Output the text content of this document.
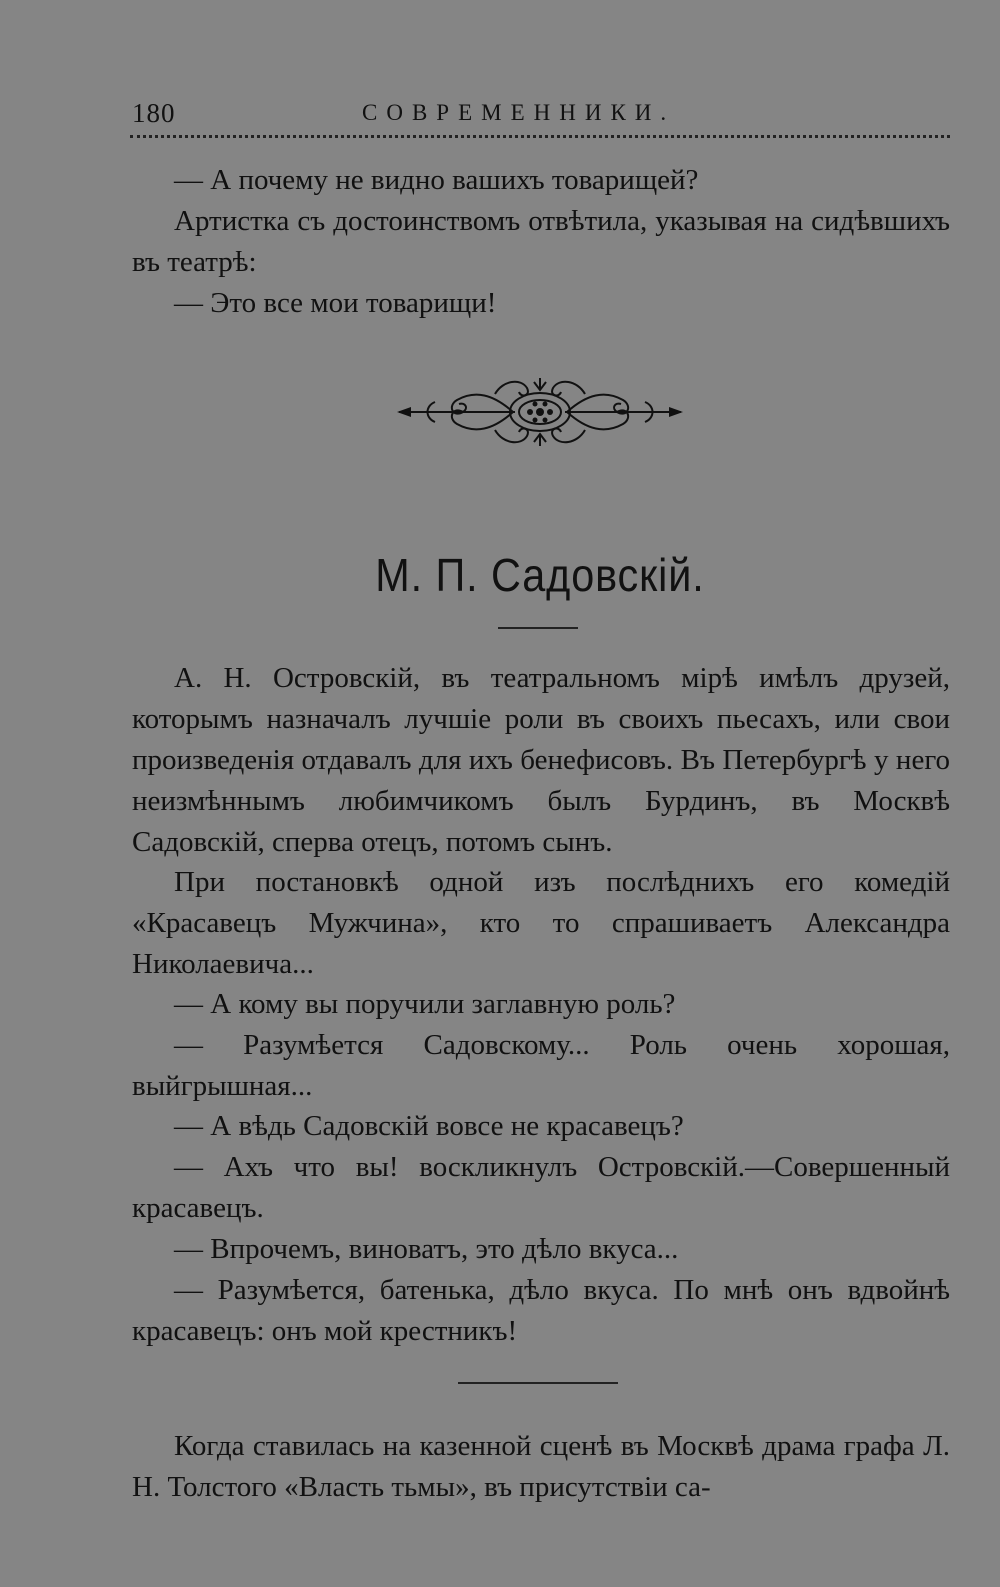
180	СОВРЕМЕННИКИ.

— А почему не видно вашихъ товарищей?

Артистка съ достоинствомъ отвѣтила, указывая на сидѣвшихъ въ театрѣ:

— Это все мои товарищи!

М. П. Садовскій.

А. Н. Островскій, въ театральномъ мірѣ имѣлъ друзей, которымъ назначалъ лучшіе роли въ своихъ пьесахъ, или свои произведенія отдавалъ для ихъ бенефисовъ. Въ Петербургѣ у него неизмѣннымъ любимчикомъ былъ Бурдинъ, въ Москвѣ Садовскій, сперва отецъ, потомъ сынъ.

При постановкѣ одной изъ послѣднихъ его комедій «Красавецъ Мужчина», кто то спрашиваетъ Александра Николаевича...

— А кому вы поручили заглавную роль?

— Разумѣется Садовскому... Роль очень хорошая, выйгрышная...

— А вѣдь Садовскій вовсе не красавецъ?

— Ахъ что вы! воскликнулъ Островскій.—Совершенный красавецъ.

— Впрочемъ, виноватъ, это дѣло вкуса...

— Разумѣется, батенька, дѣло вкуса. По мнѣ онъ вдвойнѣ красавецъ: онъ мой крестникъ!

Когда ставилась на казенной сценѣ въ Москвѣ драма графа Л. Н. Толстого «Власть тьмы», въ присутствіи са-
